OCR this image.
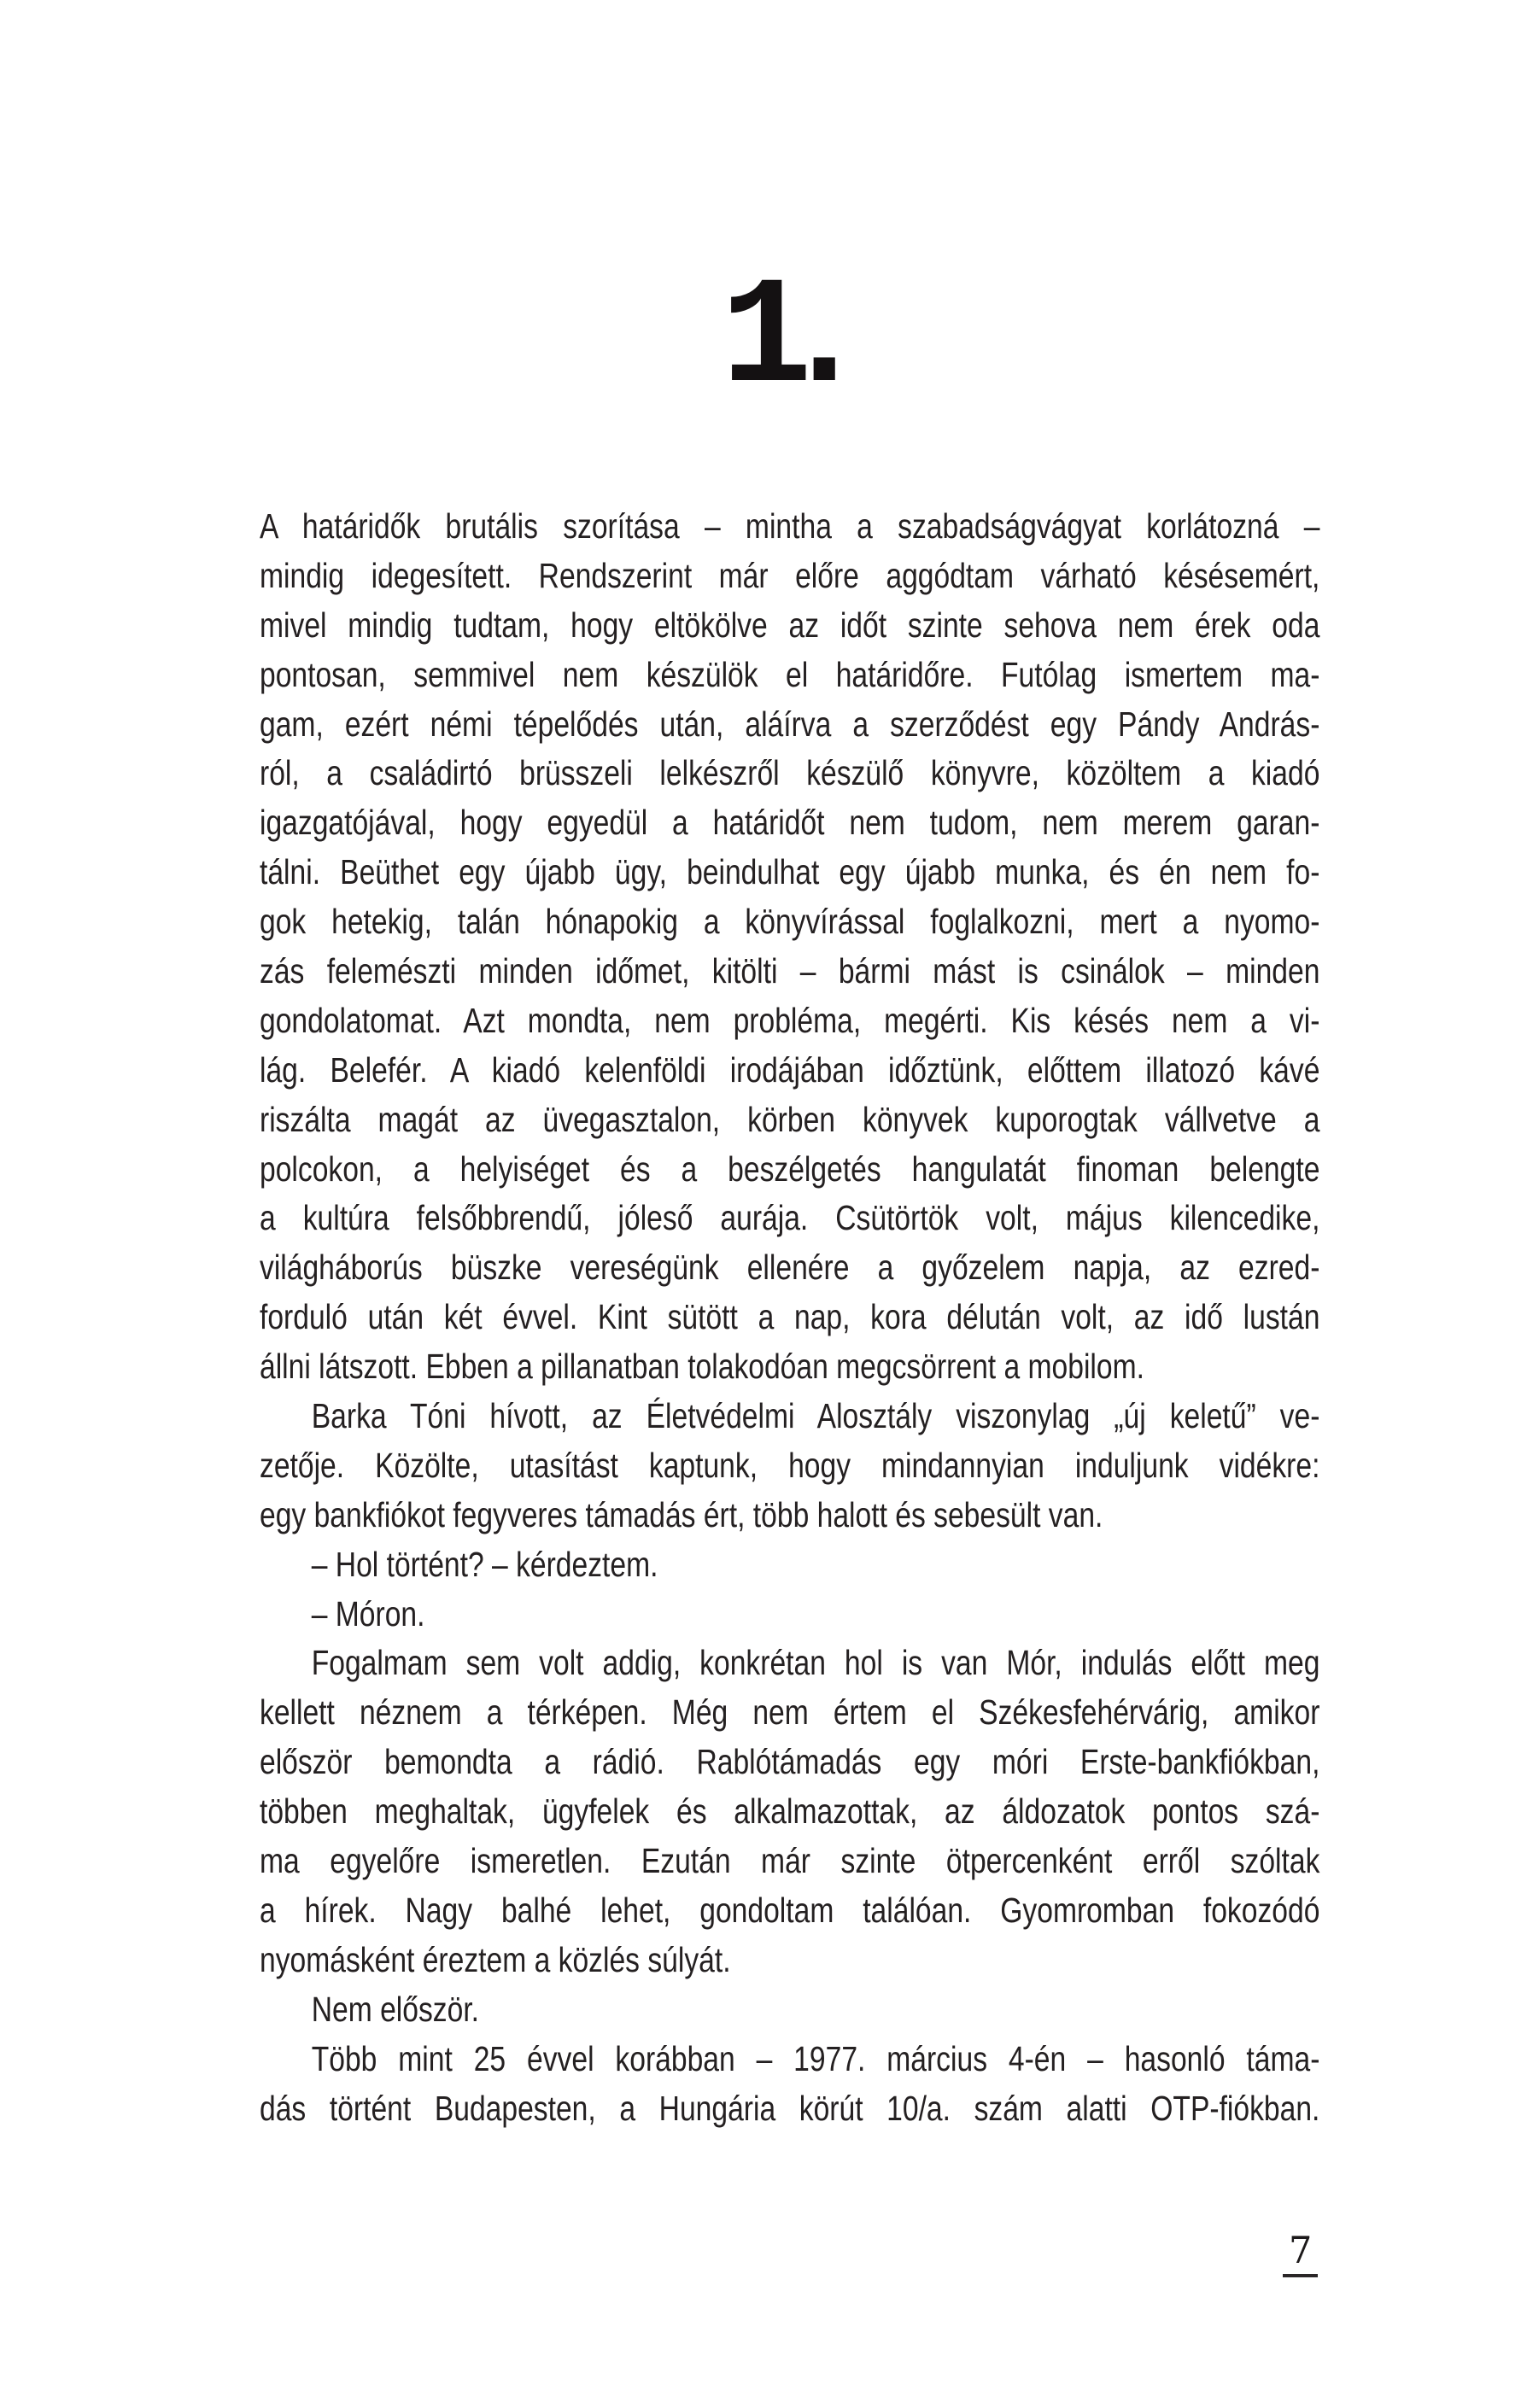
1.
A határidők brutális szorítása – mintha a szabadságvágyat korlátozná –
mindig idegesített. Rendszerint már előre aggódtam várható késésemért,
mivel mindig tudtam, hogy eltökölve az időt szinte sehova nem érek oda
pontosan, semmivel nem készülök el határidőre. Futólag ismertem ma-
gam, ezért némi tépelődés után, aláírva a szerződést egy Pándy András-
ról, a családirtó brüsszeli lelkészről készülő könyvre, közöltem a kiadó
igazgatójával, hogy egyedül a határidőt nem tudom, nem merem garan-
tálni. Beüthet egy újabb ügy, beindulhat egy újabb munka, és én nem fo-
gok hetekig, talán hónapokig a könyvírással foglalkozni, mert a nyomo-
zás felemészti minden időmet, kitölti – bármi mást is csinálok – minden
gondolatomat. Azt mondta, nem probléma, megérti. Kis késés nem a vi-
lág. Belefér. A kiadó kelenföldi irodájában időztünk, előttem illatozó kávé
riszálta magát az üvegasztalon, körben könyvek kuporogtak vállvetve a
polcokon, a helyiséget és a beszélgetés hangulatát finoman belengte
a kultúra felsőbbrendű, jóleső aurája. Csütörtök volt, május kilencedike,
világháborús büszke vereségünk ellenére a győzelem napja, az ezred-
forduló után két évvel. Kint sütött a nap, kora délután volt, az idő lustán
állni látszott. Ebben a pillanatban tolakodóan megcsörrent a mobilom.
Barka Tóni hívott, az Életvédelmi Alosztály viszonylag „új keletű” ve-
zetője. Közölte, utasítást kaptunk, hogy mindannyian induljunk vidékre:
egy bankfiókot fegyveres támadás ért, több halott és sebesült van.
– Hol történt? – kérdeztem.
– Móron.
Fogalmam sem volt addig, konkrétan hol is van Mór, indulás előtt meg
kellett néznem a térképen. Még nem értem el Székesfehérvárig, amikor
először bemondta a rádió. Rablótámadás egy móri Erste-bankfiókban,
többen meghaltak, ügyfelek és alkalmazottak, az áldozatok pontos szá-
ma egyelőre ismeretlen. Ezután már szinte ötpercenként erről szóltak
a hírek. Nagy balhé lehet, gondoltam találóan. Gyomromban fokozódó
nyomásként éreztem a közlés súlyát.
Nem először.
Több mint 25 évvel korábban – 1977. március 4-én – hasonló táma-
dás történt Budapesten, a Hungária körút 10/a. szám alatti OTP-fiókban.
7
